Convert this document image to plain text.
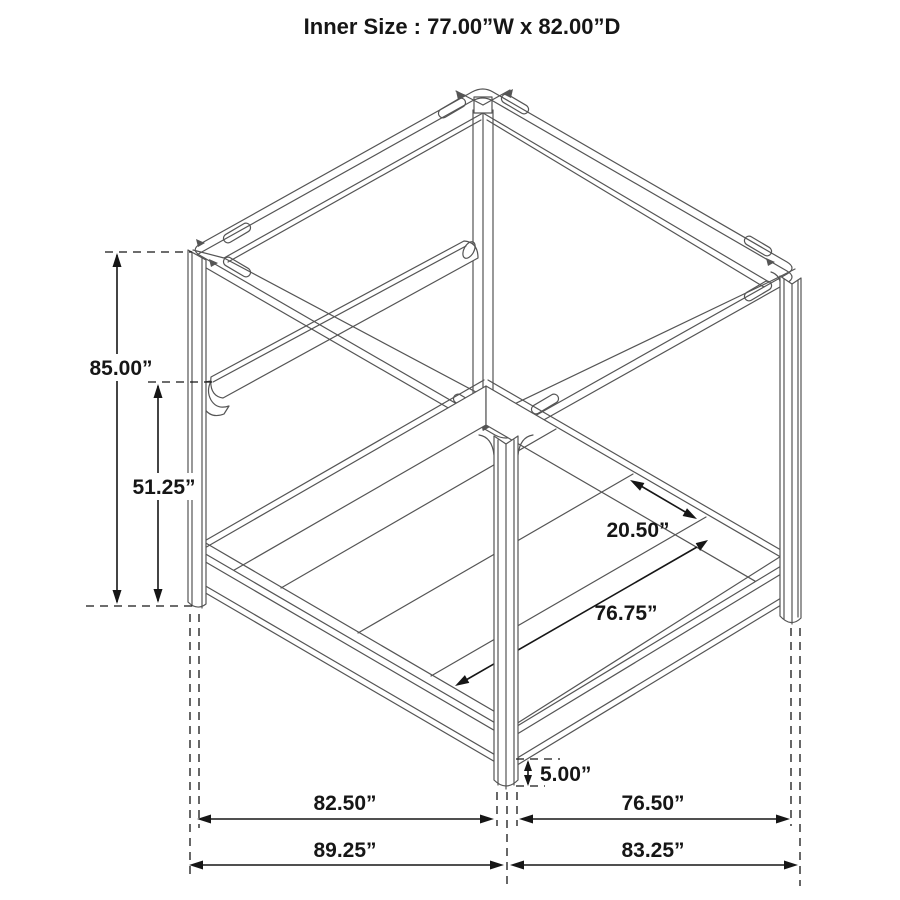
Inner Size : 77.00”W x 82.00”D
20.50”
76.75”
85.00”
51.25”
5.00”
82.50”	76.50”
89.25”	83.25”
